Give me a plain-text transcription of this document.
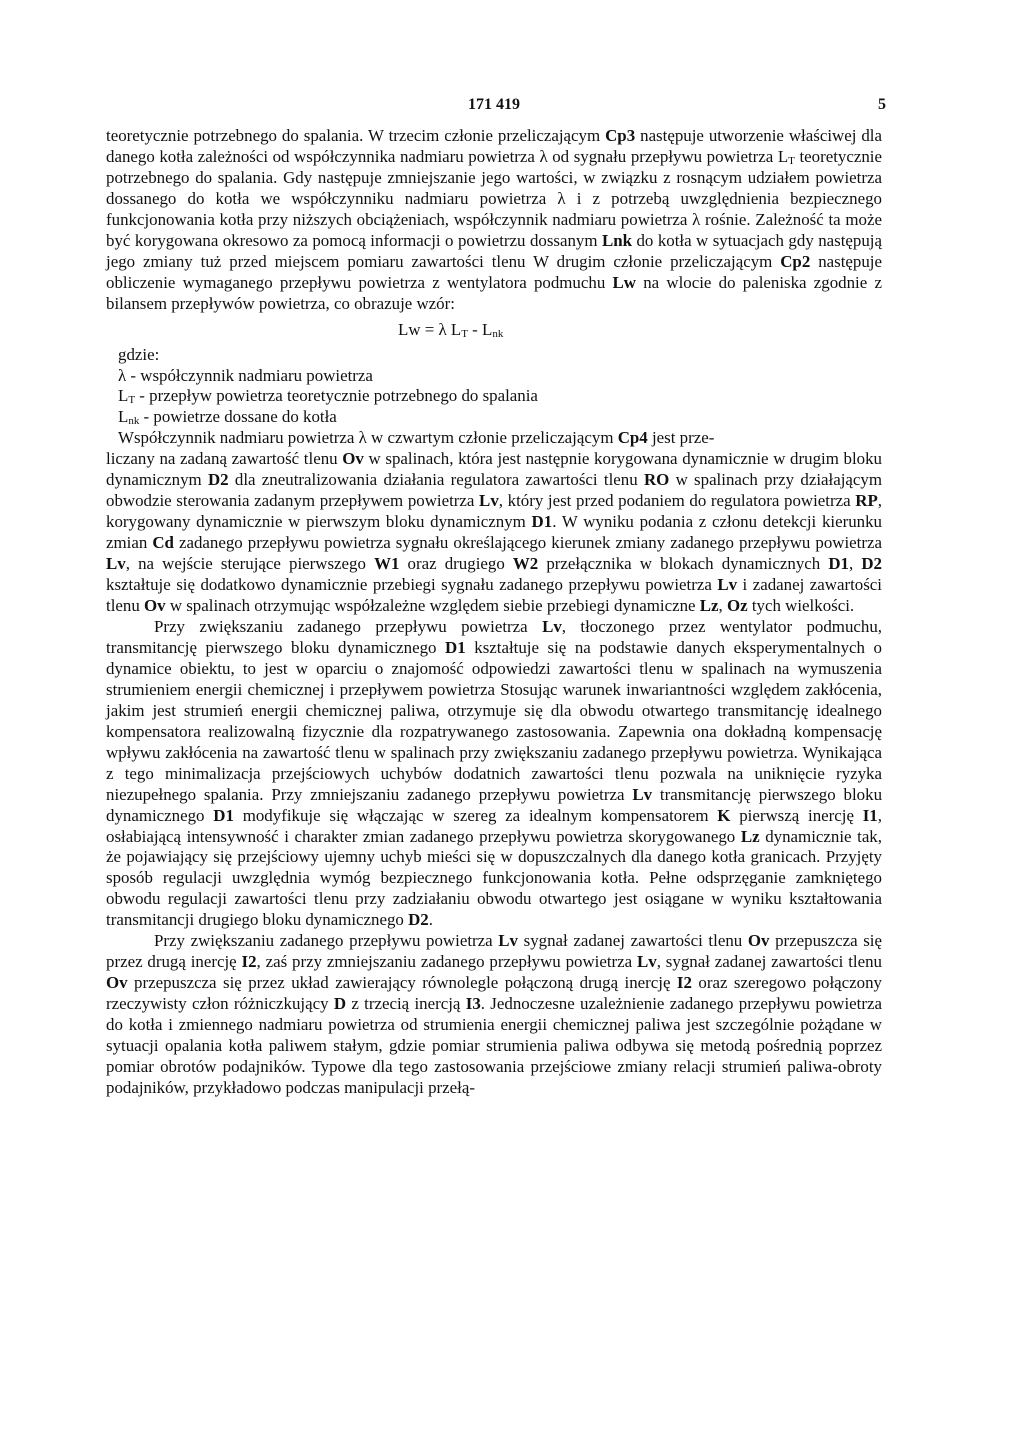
171 419	5

teoretycznie potrzebnego do spalania. W trzecim członie przeliczającym Cp3 następuje utworzenie właściwej dla danego kotła zależności od współczynnika nadmiaru powietrza λ od sygnału przepływu powietrza $L_T$ teoretycznie potrzebnego do spalania. Gdy następuje zmniejszanie jego wartości, w związku z rosnącym udziałem powietrza dossanego do kotła we współczynniku nadmiaru powietrza λ i z potrzebą uwzględnienia bezpiecznego funkcjonowania kotła przy niższych obciążeniach, współczynnik nadmiaru powietrza λ rośnie. Zależność ta może być korygowana okresowo za pomocą informacji o powietrzu dossanym Lnk do kotła w sytuacjach gdy następują jego zmiany tuż przed miejscem pomiaru zawartości tlenu W drugim członie przeliczającym Cp2 następuje obliczenie wymaganego przepływu powietrza z wentylatora podmuchu Lw na wlocie do paleniska zgodnie z bilansem przepływów powietrza, co obrazuje wzór:

Lw = λ $L_T - L_{nk}$

gdzie:

λ - współczynnik nadmiaru powietrza

$L_T$ - przepływ powietrza teoretycznie potrzebnego do spalania

$L_{nk}$ - powietrze dossane do kotła

Współczynnik nadmiaru powietrza λ w czwartym członie przeliczającym Cp4 jest prze-

liczany na zadaną zawartość tlenu Ov w spalinach, która jest następnie korygowana dynamicznie w drugim bloku dynamicznym D2 dla zneutralizowania działania regulatora zawartości tlenu RO w spalinach przy działającym obwodzie sterowania zadanym przepływem powietrza Lv, który jest przed podaniem do regulatora powietrza RP, korygowany dynamicznie w pierwszym bloku dynamicznym D1. W wyniku podania z członu detekcji kierunku zmian Cd zadanego przepływu powietrza sygnału określającego kierunek zmiany zadanego przepływu powietrza Lv, na wejście sterujące pierwszego W1 oraz drugiego W2 przełącznika w blokach dynamicznych D1, D2 kształtuje się dodatkowo dynamicznie przebiegi sygnału zadanego przepływu powietrza Lv i zadanej zawartości tlenu Ov w spalinach otrzymując współzależne względem siebie przebiegi dynamiczne Lz, Oz tych wielkości.

Przy zwiększaniu zadanego przepływu powietrza Lv, tłoczonego przez wentylator podmuchu, transmitancję pierwszego bloku dynamicznego D1 kształtuje się na podstawie danych eksperymentalnych o dynamice obiektu, to jest w oparciu o znajomość odpowiedzi zawartości tlenu w spalinach na wymuszenia strumieniem energii chemicznej i przepływem powietrza Stosując warunek inwariantności względem zakłócenia, jakim jest strumień energii chemicznej paliwa, otrzymuje się dla obwodu otwartego transmitancję idealnego kompensatora realizowalną fizycznie dla rozpatrywanego zastosowania. Zapewnia ona dokładną kompensację wpływu zakłócenia na zawartość tlenu w spalinach przy zwiększaniu zadanego przepływu powietrza. Wynikająca z tego minimalizacja przejściowych uchybów dodatnich zawartości tlenu pozwala na uniknięcie ryzyka niezupełnego spalania. Przy zmniejszaniu zadanego przepływu powietrza Lv transmitancję pierwszego bloku dynamicznego D1 modyfikuje się włączając w szereg za idealnym kompensatorem K pierwszą inercję I1, osłabiającą intensywność i charakter zmian zadanego przepływu powietrza skorygowanego Lz dynamicznie tak, że pojawiający się przejściowy ujemny uchyb mieści się w dopuszczalnych dla danego kotła granicach. Przyjęty sposób regulacji uwzględnia wymóg bezpiecznego funkcjonowania kotła. Pełne odsprzęganie zamkniętego obwodu regulacji zawartości tlenu przy zadziałaniu obwodu otwartego jest osiągane w wyniku kształtowania transmitancji drugiego bloku dynamicznego D2.

Przy zwiększaniu zadanego przepływu powietrza Lv sygnał zadanej zawartości tlenu Ov przepuszcza się przez drugą inercję I2, zaś przy zmniejszaniu zadanego przepływu powietrza Lv, sygnał zadanej zawartości tlenu Ov przepuszcza się przez układ zawierający równolegle połączoną drugą inercję I2 oraz szeregowo połączony rzeczywisty człon różniczkujący D z trzecią inercją I3. Jednoczesne uzależnienie zadanego przepływu powietrza do kotła i zmiennego nadmiaru powietrza od strumienia energii chemicznej paliwa jest szczególnie pożądane w sytuacji opalania kotła paliwem stałym, gdzie pomiar strumienia paliwa odbywa się metodą pośrednią poprzez pomiar obrotów podajników. Typowe dla tego zastosowania przejściowe zmiany relacji strumień paliwa-obroty podajników, przykładowo podczas manipulacji przełą-
